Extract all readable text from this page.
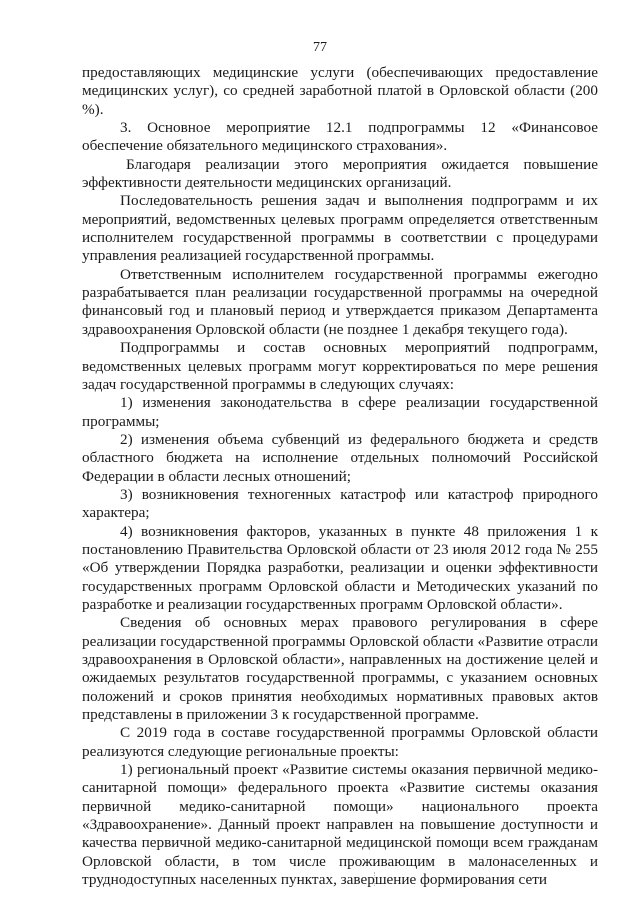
77

предоставляющих медицинские услуги (обеспечивающих предоставление медицинских услуг), со средней заработной платой в Орловской области (200 %).

3. Основное мероприятие 12.1 подпрограммы 12 «Финансовое обеспечение обязательного медицинского страхования».

Благодаря реализации этого мероприятия ожидается повышение эффективности деятельности медицинских организаций.

Последовательность решения задач и выполнения подпрограмм и их мероприятий, ведомственных целевых программ определяется ответственным исполнителем государственной программы в соответствии с процедурами управления реализацией государственной программы.

Ответственным исполнителем государственной программы ежегодно разрабатывается план реализации государственной программы на очередной финансовый год и плановый период и утверждается приказом Департамента здравоохранения Орловской области (не позднее 1 декабря текущего года).

Подпрограммы и состав основных мероприятий подпрограмм, ведомственных целевых программ могут корректироваться по мере решения задач государственной программы в следующих случаях:

1) изменения законодательства в сфере реализации государственной программы;

2) изменения объема субвенций из федерального бюджета и средств областного бюджета на исполнение отдельных полномочий Российской Федерации в области лесных отношений;

3) возникновения техногенных катастроф или катастроф природного характера;

4) возникновения факторов, указанных в пункте 48 приложения 1 к постановлению Правительства Орловской области от 23 июля 2012 года № 255 «Об утверждении Порядка разработки, реализации и оценки эффективности государственных программ Орловской области и Методических указаний по разработке и реализации государственных программ Орловской области».

Сведения об основных мерах правового регулирования в сфере реализации государственной программы Орловской области «Развитие отрасли здравоохранения в Орловской области», направленных на достижение целей и ожидаемых результатов государственной программы, с указанием основных положений и сроков принятия необходимых нормативных правовых актов представлены в приложении 3 к государственной программе.

С 2019 года в составе государственной программы Орловской области реализуются следующие региональные проекты:

1) региональный проект «Развитие системы оказания первичной медико-санитарной помощи» федерального проекта «Развитие системы оказания первичной медико-санитарной помощи» национального проекта «Здравоохранение». Данный проект направлен на повышение доступности и качества первичной медико-санитарной медицинской помощи всем гражданам Орловской области, в том числе проживающим в малонаселенных и труднодоступных населенных пунктах, завершение формирования сети
